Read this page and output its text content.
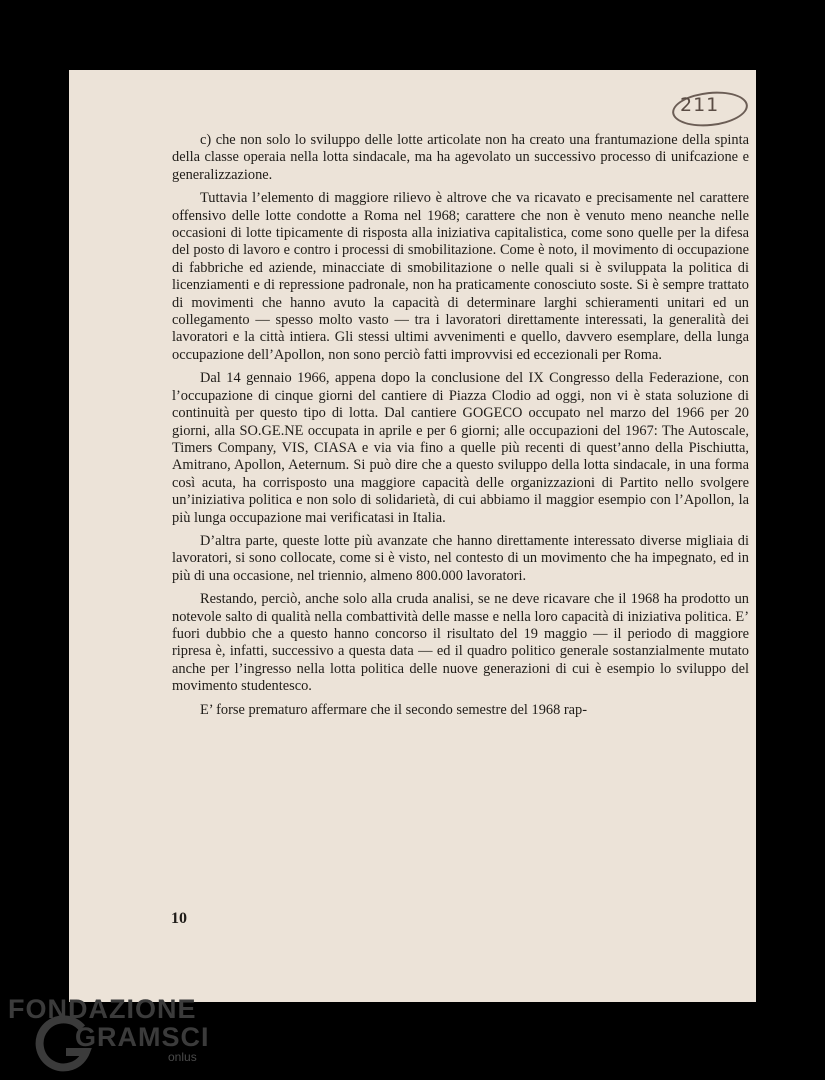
211

c) che non solo lo sviluppo delle lotte articolate non ha creato una frantumazione della spinta della classe operaia nella lotta sindacale, ma ha agevolato un successivo processo di unifcazione e generalizzazione.

Tuttavia l’elemento di maggiore rilievo è altrove che va ricavato e precisamente nel carattere offensivo delle lotte condotte a Roma nel 1968; carattere che non è venuto meno neanche nelle occasioni di lotte tipicamente di risposta alla iniziativa capitalistica, come sono quelle per la difesa del posto di lavoro e contro i processi di smobilitazione. Come è noto, il movimento di occupazione di fabbriche ed aziende, minacciate di smobilitazione o nelle quali si è sviluppata la politica di licenziamenti e di repressione padronale, non ha praticamente conosciuto soste. Si è sempre trattato di movimenti che hanno avuto la capacità di determinare larghi schieramenti unitari ed un collegamento — spesso molto vasto — tra i lavoratori direttamente interessati, la generalità dei lavoratori e la città intiera. Gli stessi ultimi avvenimenti e quello, davvero esemplare, della lunga occupazione dell’Apollon, non sono perciò fatti improvvisi ed eccezionali per Roma.

Dal 14 gennaio 1966, appena dopo la conclusione del IX Congresso della Federazione, con l’occupazione di cinque giorni del cantiere di Piazza Clodio ad oggi, non vi è stata soluzione di continuità per questo tipo di lotta. Dal cantiere GOGECO occupato nel marzo del 1966 per 20 giorni, alla SO.GE.NE occupata in aprile e per 6 giorni; alle occupazioni del 1967: The Autoscale, Timers Company, VIS, CIASA e via via fino a quelle più recenti di quest’anno della Pischiutta, Amitrano, Apollon, Aeternum. Si può dire che a questo sviluppo della lotta sindacale, in una forma così acuta, ha corrisposto una maggiore capacità delle organizzazioni di Partito nello svolgere un’iniziativa politica e non solo di solidarietà, di cui abbiamo il maggior esempio con l’Apollon, la più lunga occupazione mai verificatasi in Italia.

D’altra parte, queste lotte più avanzate che hanno direttamente interessato diverse migliaia di lavoratori, si sono collocate, come si è visto, nel contesto di un movimento che ha impegnato, ed in più di una occasione, nel triennio, almeno 800.000 lavoratori.

Restando, perciò, anche solo alla cruda analisi, se ne deve ricavare che il 1968 ha prodotto un notevole salto di qualità nella combattività delle masse e nella loro capacità di iniziativa politica. E’ fuori dubbio che a questo hanno concorso il risultato del 19 maggio — il periodo di maggiore ripresa è, infatti, successivo a questa data — ed il quadro politico generale sostanzialmente mutato anche per l’ingresso nella lotta politica delle nuove generazioni di cui è esempio lo sviluppo del movimento studentesco.

E’ forse prematuro affermare che il secondo semestre del 1968 rap-

10
FONDAZIONE
GRAMSCI
onlus
